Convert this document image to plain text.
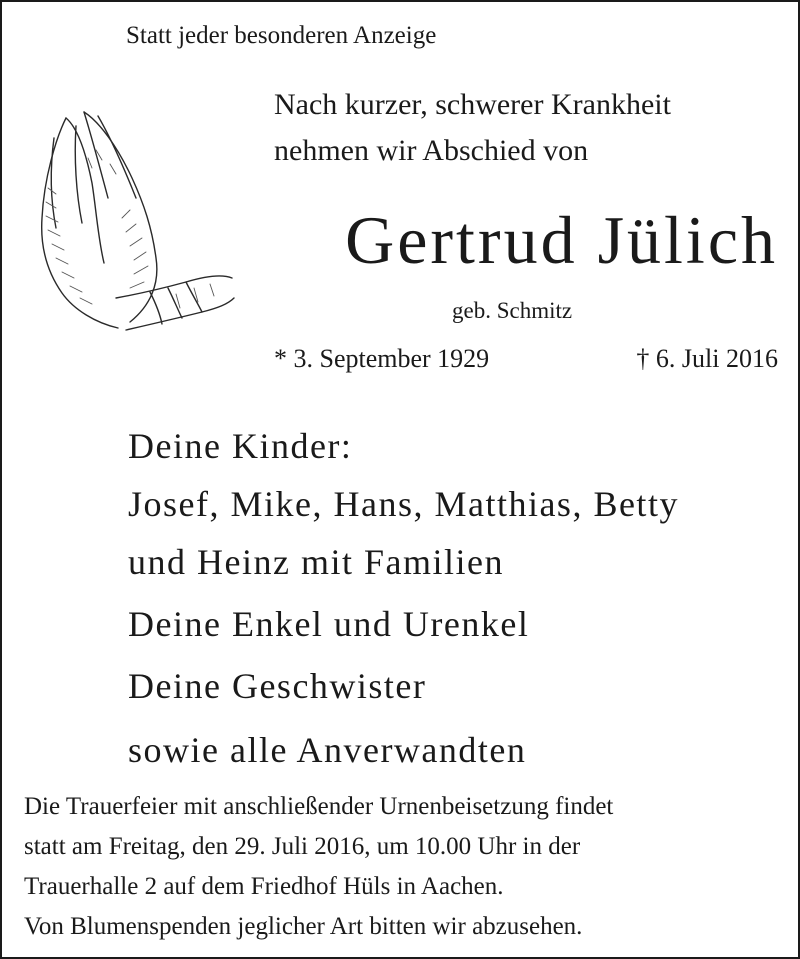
Statt jeder besonderen Anzeige
Nach kurzer, schwerer Krankheit
nehmen wir Abschied von
Gertrud Jülich
geb. Schmitz
* 3. September 1929	† 6. Juli 2016
Deine Kinder:
Josef, Mike, Hans, Matthias, Betty
und Heinz mit Familien
Deine Enkel und Urenkel
Deine Geschwister
sowie alle Anverwandten
Die Trauerfeier mit anschließender Urnenbeisetzung findet
statt am Freitag, den 29. Juli 2016, um 10.00 Uhr in der
Trauerhalle 2 auf dem Friedhof Hüls in Aachen.
Von Blumenspenden jeglicher Art bitten wir abzusehen.
